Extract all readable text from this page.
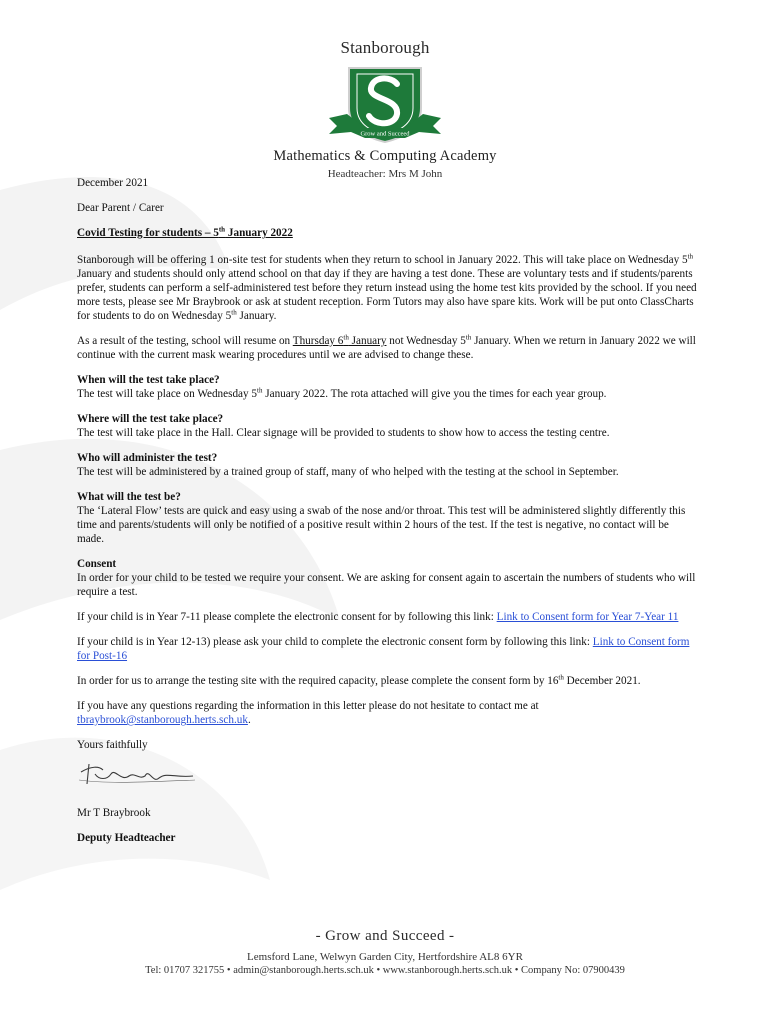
Stanborough
Grow and Succeed
Mathematics & Computing Academy
Headteacher: Mrs M John

December 2021

Dear Parent / Carer

Covid Testing for students – 5th January 2022

Stanborough will be offering 1 on-site test for students when they return to school in January 2022. This will take place on Wednesday 5th January and students should only attend school on that day if they are having a test done. These are voluntary tests and if students/parents prefer, students can perform a self-administered test before they return instead using the home test kits provided by the school. If you need more tests, please see Mr Braybrook or ask at student reception. Form Tutors may also have spare kits. Work will be put onto ClassCharts for students to do on Wednesday 5th January.

As a result of the testing, school will resume on Thursday 6th January not Wednesday 5th January. When we return in January 2022 we will continue with the current mask wearing procedures until we are advised to change these.

When will the test take place?
The test will take place on Wednesday 5th January 2022. The rota attached will give you the times for each year group.

Where will the test take place?
The test will take place in the Hall. Clear signage will be provided to students to show how to access the testing centre.

Who will administer the test?
The test will be administered by a trained group of staff, many of who helped with the testing at the school in September.

What will the test be?
The ‘Lateral Flow’ tests are quick and easy using a swab of the nose and/or throat. This test will be administered slightly differently this time and parents/students will only be notified of a positive result within 2 hours of the test. If the test is negative, no contact will be made.

Consent
In order for your child to be tested we require your consent. We are asking for consent again to ascertain the numbers of students who will require a test.

If your child is in Year 7-11 please complete the electronic consent for by following this link: Link to Consent form for Year 7-Year 11

If your child is in Year 12-13) please ask your child to complete the electronic consent form by following this link: Link to Consent form for Post-16

In order for us to arrange the testing site with the required capacity, please complete the consent form by 16th December 2021.

If you have any questions regarding the information in this letter please do not hesitate to contact me at tbraybrook@stanborough.herts.sch.uk.

Yours faithfully

Mr T Braybrook

Deputy Headteacher

- Grow and Succeed -
Lemsford Lane, Welwyn Garden City, Hertfordshire AL8 6YR
Tel: 01707 321755 • admin@stanborough.herts.sch.uk • www.stanborough.herts.sch.uk • Company No: 07900439
